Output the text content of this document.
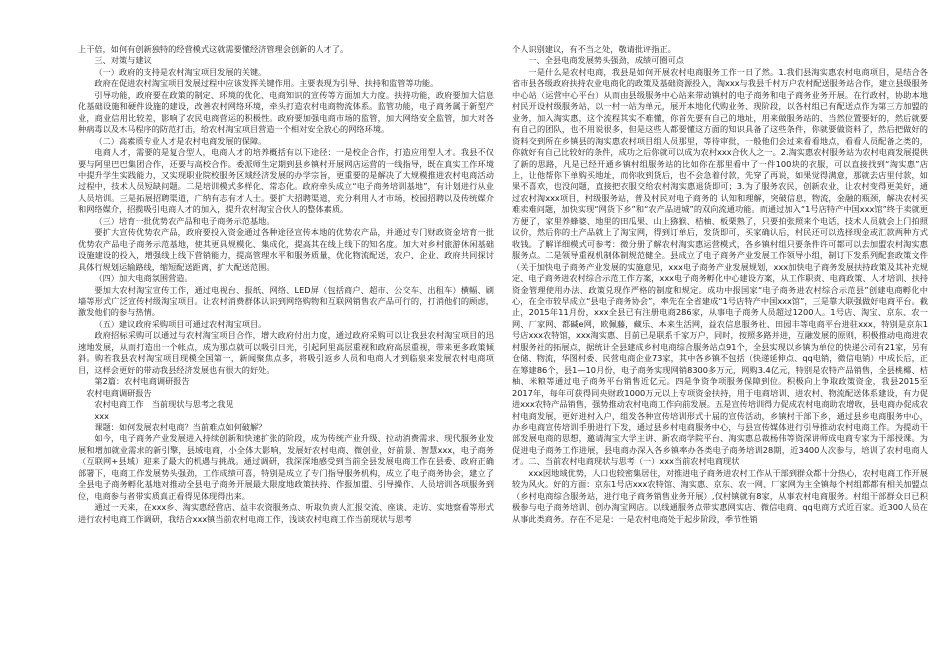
上干倍，如何有创新独特的经营模式这就需要懂经济管理会创新的人才了。

三、对策与建议

（一）政府的支持是农村淘宝项目发展的关键。

政府在促进农村淘宝项目发展过程中应该发挥关键作用。主要表现为引导、扶持和监管等功能。

引导功能，政府要在政策的制定、环境的优化、电商知识的宣传等方面加大力度。扶持功能，政府要加大信息化基础设施和硬件设施的建设，改善农村网络环境，牵头打造农村电商物流体系。监管功能，电子商务属于新型产业，商业信用比较差，影响了农民电商营运的积极性。政府要加强电商市场的监管，加大网络安全监管，加大对各种病毒以及木马程序的防范打击，给农村淘宝项目营造一个相对安全放心的网络环境。

（二）高素质专业人才是农村电商发展的保障。

电商人才，需要的是复合型人，电商人才的培养概括有以下途径：一是校企合作，打造应用型人才。我县不仅要与阿里巴巴集团合作，还要与高校合作。委派师生定期到县乡镇村开展网店运营的一线指导，既在真实工作环境中提升学生实践能力，又实现职业院校服务区域经济发展的办学宗旨，更重要的是解决了大规模推进农村电商活动过程中，技术人员短缺问题。二是培训模式多样化、常态化。政府牵头成立“电子商务培训基地”，有计划进行从业人员培训。三是拓展招聘渠道，广纳有志有才人士。要扩大招聘渠道，充分利用人才市场，校园招聘以及传统媒介和网络媒介，招揽吸引电商人才的加入，提升农村淘宝合伙人的整体素质。

（三）培育一批优势农产品和电子商务示范基地。

要扩大宣传优势农产品，政府要投入资金通过各种途径宣传本地的优势农产品，并通过专门财政资金培育一批优势农产品电子商务示范基地，使其更具规模化、集成化，提高其在线上线下的知名度。加大对乡村旅游休闲基础设施建设的投入，增强线上线下营销能力，提高管理水平和服务质量，优化物流配送，农户、企业、政府共同探讨具体行规划运输路线，缩短配送距离，扩大配送范围。

（四）加大电商氛围营造。

要加大农村淘宝宣传工作，通过电视台、报纸、网络、LED屏（包括商户、超市、公交车、出租车）横幅、刷墙等形式广泛宣传村级淘宝项目。让农村消费群体认识到网络购物和互联网销售农产品可行的，打消他们的顾虑，激发他们的参与热情。

（五）建议政府采购项目可通过农村淘宝项目。

政府招标采购可以通过与农村淘宝项目合作，增大政府付出力度，通过政府采购可以让我县农村淘宝项目的迅速地发展，从而打造出一个帐点，成为那点就可以吸引日光，引起阿里高层重视和政府高层重视，带来更多政策倾斜。购若我县农村淘宝项目现模全国第一，新闻聚焦点多，将吸引返乡人员和电商人才到临泉来发展农村电商项目，这样会更好的带动我县经济发展也有很大的好处。

　　第2篇：农村电商调研报告

　农村电商调研报告

　　农村电商工作　当前现状与思考之我见

　　xxx

课题：如何发展农村电商？当前难点如何破解？

如今，电子商务产业发展进入持续创新和快速扩张的阶段，成为传统产业升级、拉动消费需求、现代服务业发展和增加就业需求的新引擎，县域电商，小全体大影响，发展好农村电商、微创业，好前景、智慧xxx，电子商务（互联网+县域）迎来了最大的机遇与挑战。通过调研，我深深地感受到当前全县发展电商工作在县委、政府正确部署下，电商工作发展势头强劲，工作成绩可喜，特别是成立了专门指导服务机构，成立了电子商务协会，建立了全县电子商务孵化基地对推动全县电子商务开展最大限度地政策扶持、作报加盟、引导操作、人员培训各项服务到位，电商参与者带实质真正看得见体现得出来。

通过一天来，在xxx乡、淘实惠经营店、益丰农资服务点、听取负责人汇报交流、座谈、走访、实地察看等形式进行农村电商工作调研，我结合xxx镇当前农村电商工作，浅谈农村电商工作当前现状与思考

个人识别建议，有不当之处，敬请批评指正。

一、全县电商发展势头强劲，成绩可圈可点

一是什么是农村电商，我县是如何开展农村电商服务工作一日了然。1.我们县淘实惠农村电商项目，是结合各省市县各级政府扶持农业电商化的政策及基础资源投入，淘xxx与我县千村万户农村配送服务站合作，建立县级服务中心站（运营中心平台）从而由县级服务中心站来带动镇村的电子商务和电子商务业务开展。在行政村，协助本地村民开设村级服务站，以一村一站为单元，展开本地化代购业务、现阶段，以各村组已有配送点作为第三方加盟的业务，加入淘实惠，这个流程其实不难懂，你首先要有自己的地址，用来做服务站的、当然位置要好的，然后就要有自己的团队，也不用说很多，但是这些人都要懂这方面的知识具备了这些条件，你就要做资料了，然后把做好的资料交到所在乡镇县的淘实惠农村项目组人员那里，等待审批，一般他们会过来看看地点，看看人员配备之类的，你就好有自己比较好的条件，成功之后你就可以成为农村xxx合伙人之一。2.淘实惠农村服务站为农村电商发展提供了新的思路，凡是已经开通乡镇村组服务站的比如你在那里看中了一件100块的衣服，可以直接找到“淘实惠”店上，让他帮你下单购买地址，而你收到货后，也不会急着付款，先穿了再说，如果觉得满意，那就去店里付款，如果不喜欢，也没问题，直接把衣服交给农村淘实惠退货即可；3.为了服务农民，创新农业，让农村变得更美好，通过农村淘xxx项目，村级服务站，普及村民对电子商务的 认知和理解，突破信息，物流，金融的瓶颈，解决农村买难卖难问题，加快实现“网货下乡”和“农产品进城”的双向流通功能。而通过加入“1号店特产中国xxx馆”终于卖就更方便了，家里养蜂婆、地里的田瓜果、山上猕猴、桔柚、板栗熟了，只要拍张照来个电话，技术人员就会上门拍照议价，然后你的土产品就上了淘宝网，得到订单后，发货即可，买家确认后，村民还可以选择现金或汇款两种方式收钱。了解详细模式可参考：微分册了解农村淘实惠运营模式，各乡镇村组只要条件许可都可以去加盟农村淘实惠服务点。二是领导重视机制体制规范健全。县成立了电子商务产业发展工作领导小组，制订下发系列配套政策文件（关于加快电子商务产业发展的实施意见，xxx电子商务产业发展规划，xxx加快电子商务发展扶持政策及其补充规定、电子商务进农村综合示范工作方案，xxx电子商务孵化中心建设方案，从工作职责、电商政策、人才培训、扶持资金管理使用办法、政策兑现作严格的制度和规定。成功中报国家“电子商务进农村综合示范县”创建电商孵化中心，在全市较早成立“县电子商务协会”，率先在全省建成“1号店特产中国xxx馆”，三是靠大联强做好电商平台。截止，2015年11月份，xxx全县已有注册电商286家，从事电子商务人员超过1200人。1号店、淘宝、京东、农一网、厂家网、都碱e网，欧佩藤，藏乐、本来生活网，益农信息服务社、田园丰等电商平台进驻xxx，特别是京东1号店xxx农特馆，xxx淘实惠、目前已是联系千家万户，同时，按照多路并进，互融发展的原则，积极推动电商进农村服务社的拓展点，据统计全县建成乡村电商综合服务站点91个，全县实现以乡镇为单位的快递公司有21家，另有仓储、物流，华图村委、民营电商企业73家，其中各乡镇不包括（快递延伸点、qq电销，微信电销）中成长后，正在筹建86个，县1—10月份，电子商务实现网销8300多万元，网购3.4亿元，特别是农特产品销售，全县桃椰、桔柚、米粮等通过电子商务平台销售近亿元。四是争资争项服务保障到位。积极向上争取政策资金，我县2015至2017年，每年可获得同央财政1000万元以上专项资金扶持，用于电商培训、进农村、物流配送体系建设，有力促进xxx农特产品销售，强势推动农村电商工作向前发展。五是宣传培训得力促成农村电商助农增收，县电商办促成农村电商发展，更好进村入户，组发各种宣传培训形式十届的宣传活动，乡镇村干部下乡，通过县乡电商服务中心，办乡电商宣传培训手册进行下发，通过县乡村电商服务中心，与县宣传媒体进行引导推动农村电商工作。为提动干部发展电商的思想，邀请淘宝大学主讲、新农商学院平台、淘实惠总裁杨伟等资深讲师成电商专家为干部授课。为促进电子商务工作进展，县电商办深入各乡镇率办各类电子商务培训28期，近3400人次参与，培训了农村电商人才。二、当前农村电商现状与思考（一）xxx当前农村电商现状

xxx因地域优势，人口也较密集居住，对推进电子商务进农村工作从干部到群众都十分热心，农村电商工作开展较为风火。好的方面：京东1号店xxx农特馆、淘实惠、京东、农一网、厂家网为主全镇每个村组都都有相关加盟点（乡村电商综合服务站，进行电子商务销售业务开展）,仅村镇就有8家，从事农村电商服务。村组干部群众日已积极参与电子商务培训、创办淘宝网店。以线通服务点带实惠网实店、微信电商、qq电商方式近百家。近300人员在从事此类商务。存在不足是：一是农村电商处于起步阶段，季节性销
